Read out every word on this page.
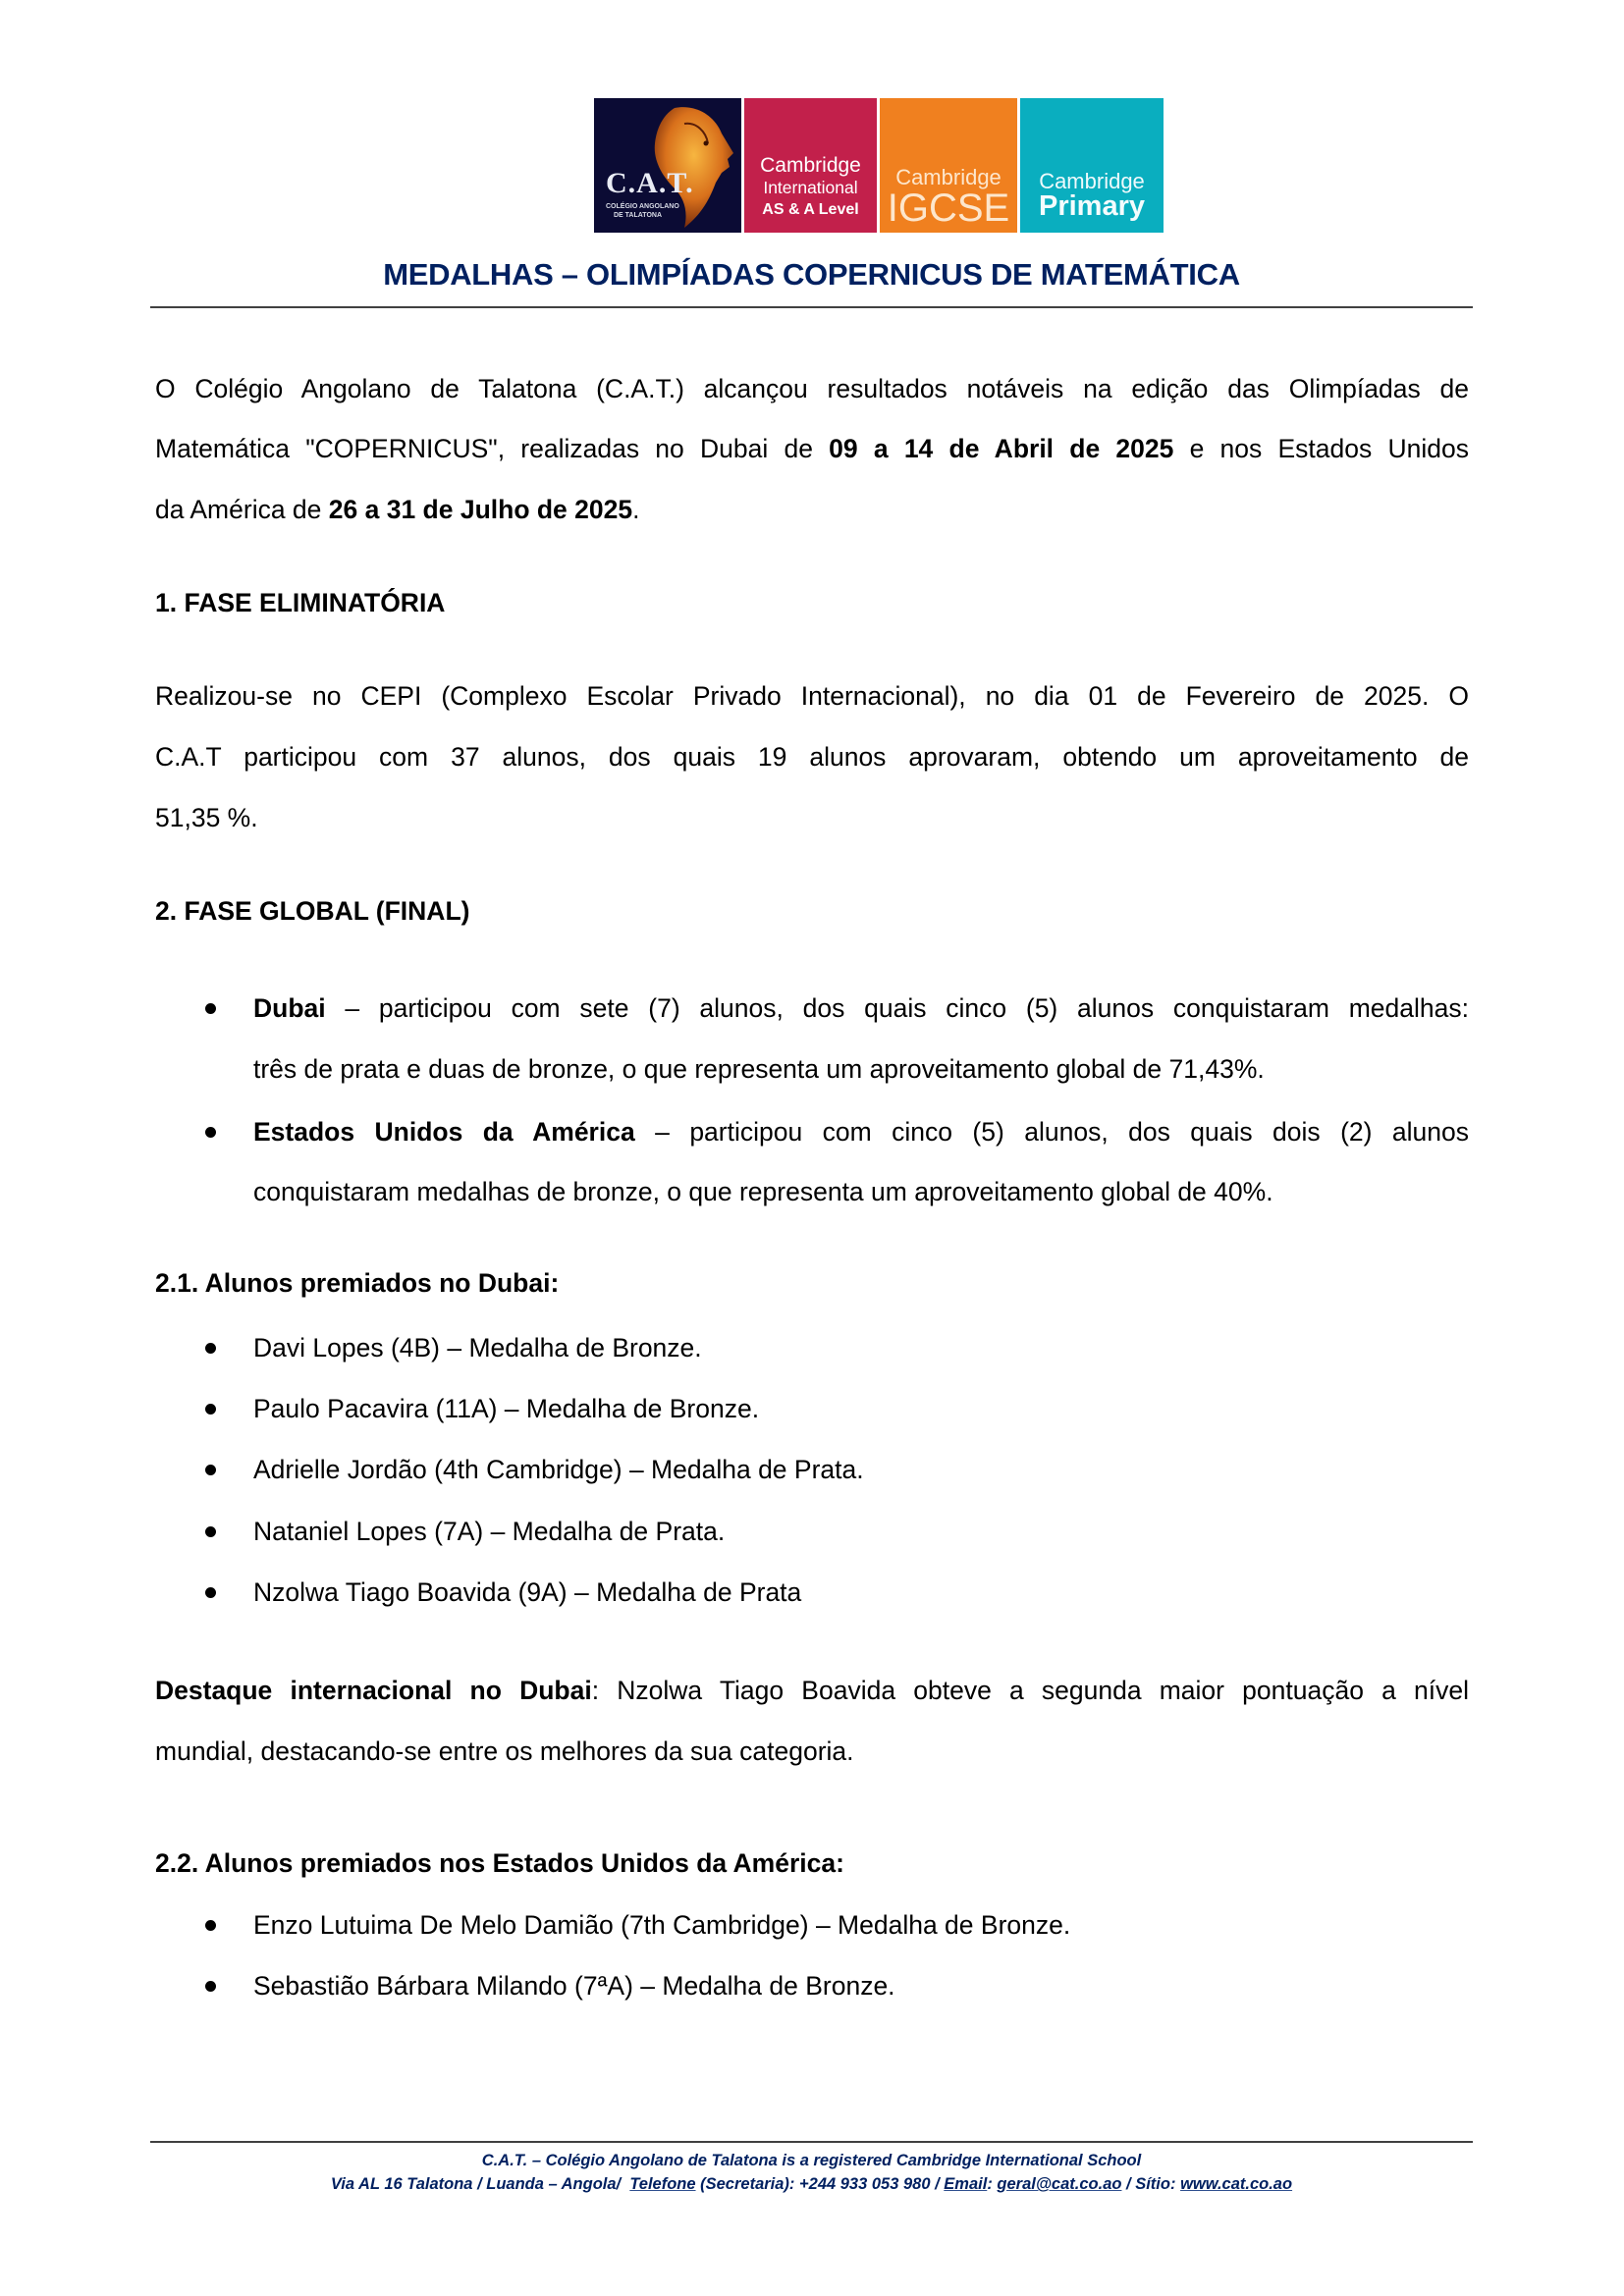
C.A.T.
COLÉGIO ANGOLANO
DE TALATONA
Cambridge
International
AS & A Level
Cambridge
IGCSE
Cambridge
Primary
MEDALHAS – OLIMPÍADAS COPERNICUS DE MATEMÁTICA
O Colégio Angolano de Talatona (C.A.T.) alcançou resultados notáveis na edição das Olimpíadas de
Matemática "COPERNICUS", realizadas no Dubai de 09 a 14 de Abril de 2025 e nos Estados Unidos
da América de 26 a 31 de Julho de 2025.
1. FASE ELIMINATÓRIA
Realizou-se no CEPI (Complexo Escolar Privado Internacional), no dia 01 de Fevereiro de 2025. O
C.A.T participou com 37 alunos, dos quais 19 alunos aprovaram, obtendo um aproveitamento de
51,35 %.
2. FASE GLOBAL (FINAL)
Dubai – participou com sete (7) alunos, dos quais cinco (5) alunos conquistaram medalhas:
três de prata e duas de bronze, o que representa um aproveitamento global de 71,43%.
Estados Unidos da América – participou com cinco (5) alunos, dos quais dois (2) alunos
conquistaram medalhas de bronze, o que representa um aproveitamento global de 40%.
2.1. Alunos premiados no Dubai:
Davi Lopes (4B) – Medalha de Bronze.
Paulo Pacavira (11A) – Medalha de Bronze.
Adrielle Jordão (4th Cambridge) – Medalha de Prata.
Nataniel Lopes (7A) – Medalha de Prata.
Nzolwa Tiago Boavida (9A) – Medalha de Prata
Destaque internacional no Dubai: Nzolwa Tiago Boavida obteve a segunda maior pontuação a nível
mundial, destacando-se entre os melhores da sua categoria.
2.2. Alunos premiados nos Estados Unidos da América:
Enzo Lutuima De Melo Damião (7th Cambridge) – Medalha de Bronze.
Sebastião Bárbara Milando (7ªA) – Medalha de Bronze.
C.A.T. – Colégio Angolano de Talatona is a registered Cambridge International School
Via AL 16 Talatona / Luanda – Angola/  Telefone (Secretaria): +244 933 053 980 / Email: geral@cat.co.ao / Sítio: www.cat.co.ao
